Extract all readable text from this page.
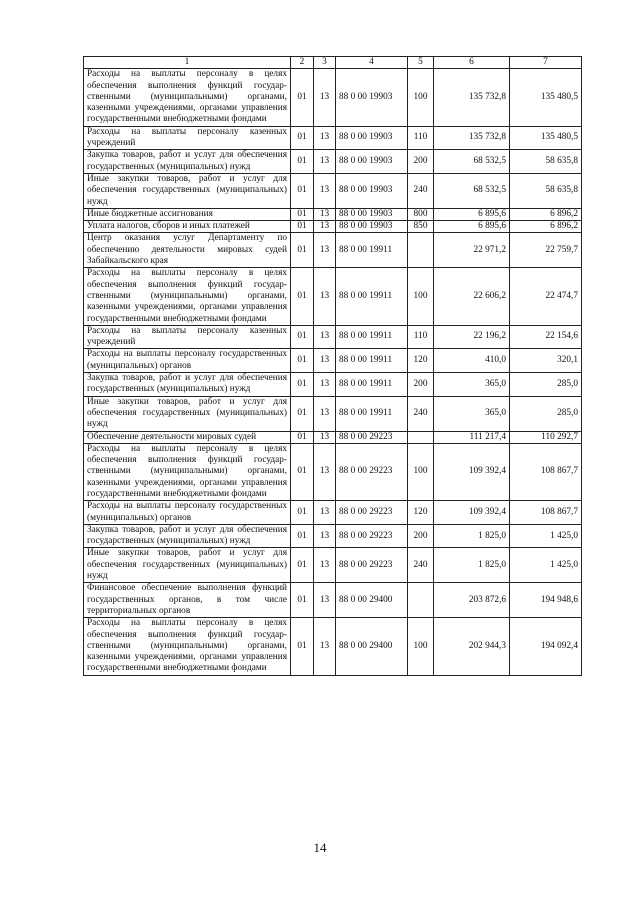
1	2	3	4	5	6	7
Расходы на выплаты персоналу в целях обеспечения выполнения функций государственными (муниципальными) органами, казенными учреждениями, органами управления государственными внебюджетными фондами	01	13	88 0 00 19903	100	135 732,8	135 480,5
Расходы на выплаты персоналу казенных учреждений	01	13	88 0 00 19903	110	135 732,8	135 480,5
Закупка товаров, работ и услуг для обеспечения государственных (муниципальных) нужд	01	13	88 0 00 19903	200	68 532,5	58 635,8
Иные закупки товаров, работ и услуг для обеспечения государственных (муниципальных) нужд	01	13	88 0 00 19903	240	68 532,5	58 635,8
Иные бюджетные ассигнования	01	13	88 0 00 19903	800	6 895,6	6 896,2
Уплата налогов, сборов и иных платежей	01	13	88 0 00 19903	850	6 895,6	6 896,2
Центр оказания услуг Департаменту по обеспечению деятельности мировых судей Забайкальского края	01	13	88 0 00 19911		22 971,2	22 759,7
Расходы на выплаты персоналу в целях обеспечения выполнения функций государственными (муниципальными) органами, казенными учреждениями, органами управления государственными внебюджетными фондами	01	13	88 0 00 19911	100	22 606,2	22 474,7
Расходы на выплаты персоналу казенных учреждений	01	13	88 0 00 19911	110	22 196,2	22 154,6
Расходы на выплаты персоналу государственных (муниципальных) органов	01	13	88 0 00 19911	120	410,0	320,1
Закупка товаров, работ и услуг для обеспечения государственных (муниципальных) нужд	01	13	88 0 00 19911	200	365,0	285,0
Иные закупки товаров, работ и услуг для обеспечения государственных (муниципальных) нужд	01	13	88 0 00 19911	240	365,0	285,0
Обеспечение деятельности мировых судей	01	13	88 0 00 29223		111 217,4	110 292,7
Расходы на выплаты персоналу в целях обеспечения выполнения функций государственными (муниципальными) органами, казенными учреждениями, органами управления государственными внебюджетными фондами	01	13	88 0 00 29223	100	109 392,4	108 867,7
Расходы на выплаты персоналу государственных (муниципальных) органов	01	13	88 0 00 29223	120	109 392,4	108 867,7
Закупка товаров, работ и услуг для обеспечения государственных (муниципальных) нужд	01	13	88 0 00 29223	200	1 825,0	1 425,0
Иные закупки товаров, работ и услуг для обеспечения государственных (муниципальных) нужд	01	13	88 0 00 29223	240	1 825,0	1 425,0
Финансовое обеспечение выполнения функций государственных органов, в том числе территориальных органов	01	13	88 0 00 29400		203 872,6	194 948,6
Расходы на выплаты персоналу в целях обеспечения выполнения функций государственными (муниципальными) органами, казенными учреждениями, органами управления государственными внебюджетными фондами	01	13	88 0 00 29400	100	202 944,3	194 092,4
14
